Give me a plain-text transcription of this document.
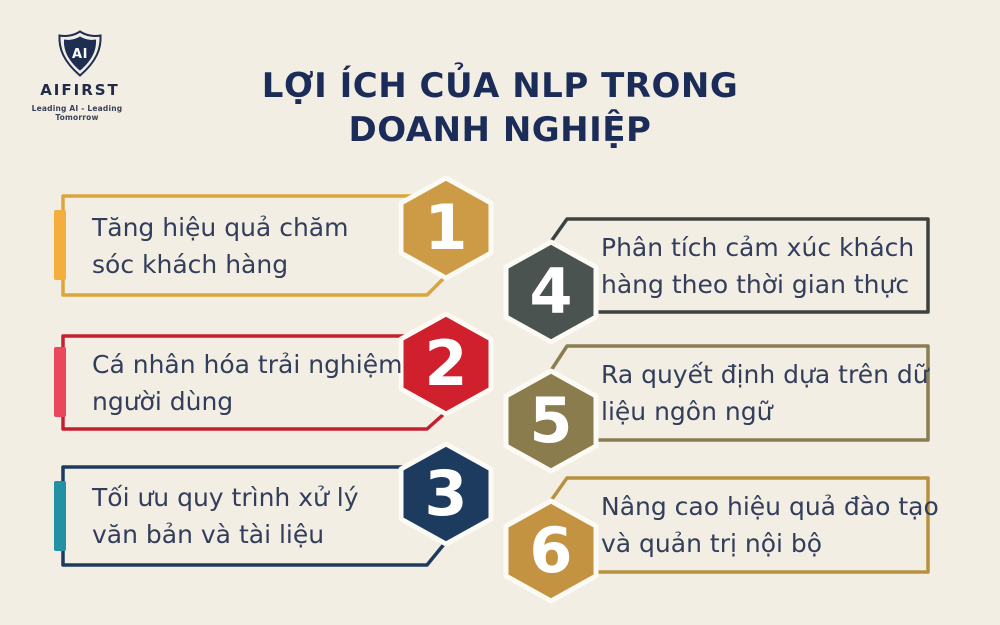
AI
AIFIRST
Leading AI - Leading Tomorrow
LỢI ÍCH CỦA NLP TRONG
DOANH NGHIỆP
Tăng hiệu quả chăm
sóc khách hàng
Cá nhân hóa trải nghiệm
người dùng
Tối ưu quy trình xử lý
văn bản và tài liệu
Phân tích cảm xúc khách
hàng theo thời gian thực
Ra quyết định dựa trên dữ
liệu ngôn ngữ
Nâng cao hiệu quả đào tạo
và quản trị nội bộ
1
2
3
4
5
6
